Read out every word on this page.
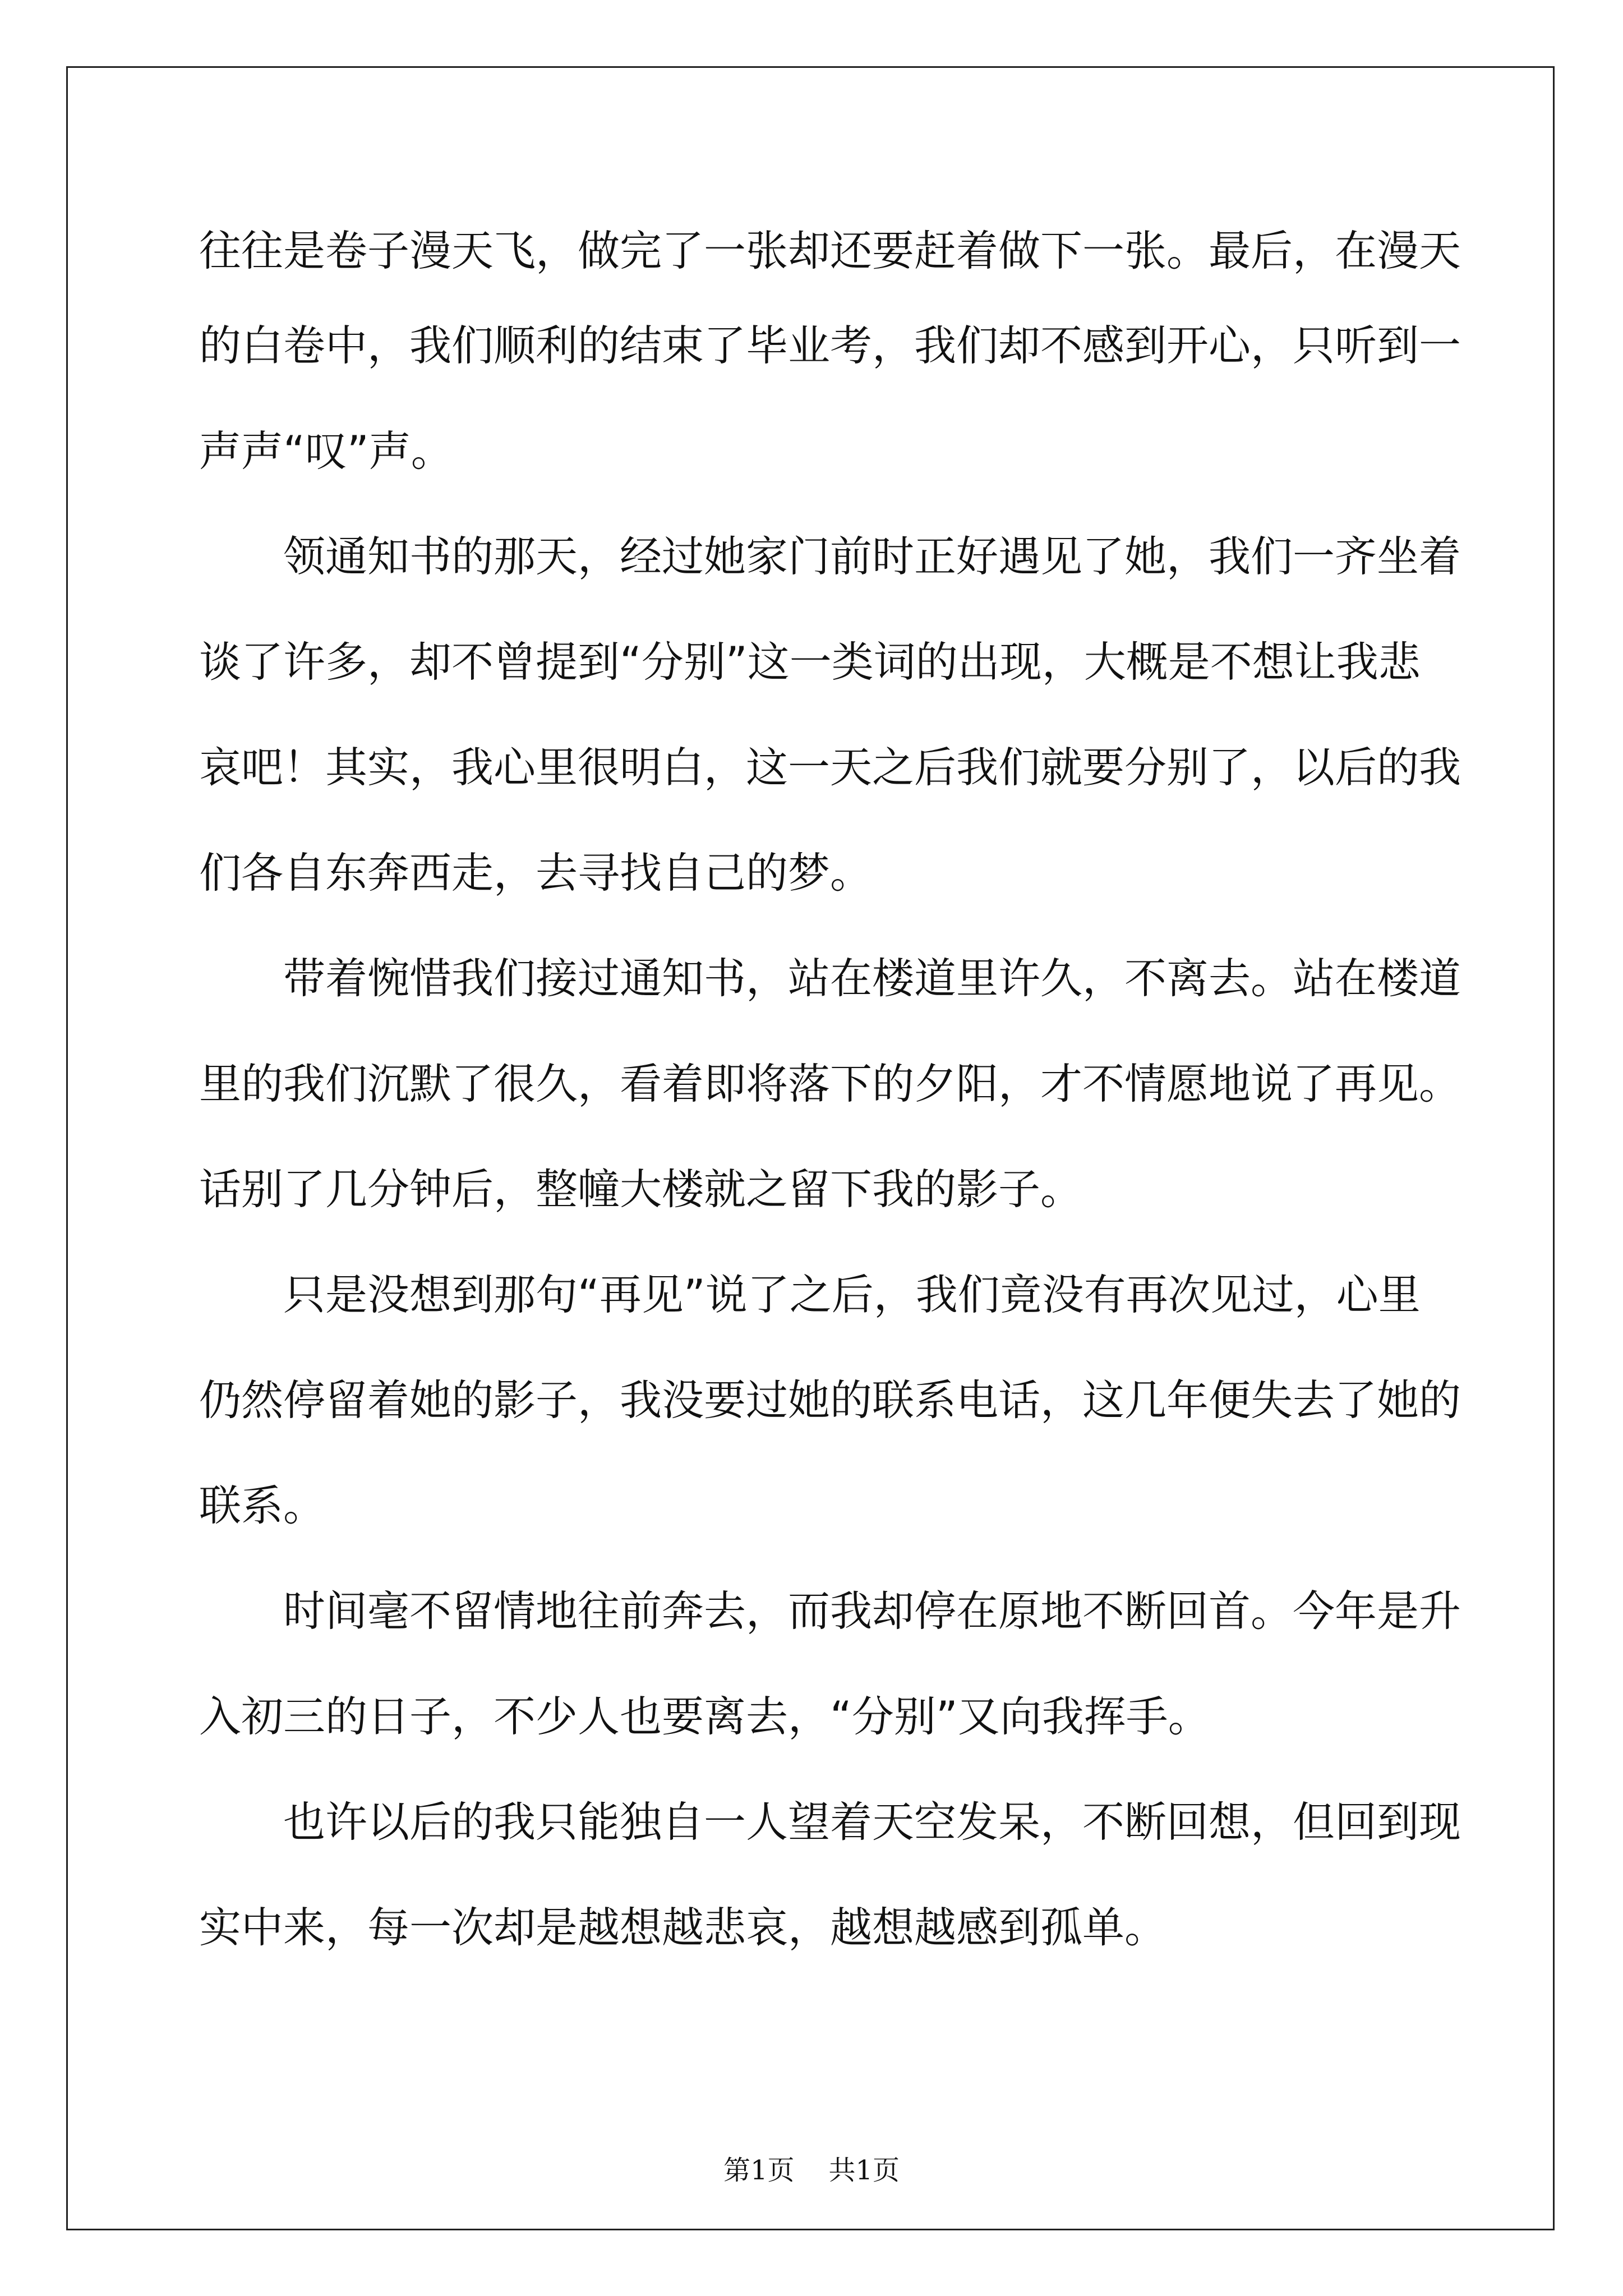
往往是卷子漫天飞，做完了一张却还要赶着做下一张。最后，在漫天
的白卷中，我们顺利的结束了毕业考，我们却不感到开心，只听到一
声声“叹”声。
领通知书的那天，经过她家门前时正好遇见了她，我们一齐坐着
谈了许多，却不曾提到“分别”这一类词的出现，大概是不想让我悲
哀吧！其实，我心里很明白，这一天之后我们就要分别了，以后的我
们各自东奔西走，去寻找自己的梦。
带着惋惜我们接过通知书，站在楼道里许久，不离去。站在楼道
里的我们沉默了很久，看着即将落下的夕阳，才不情愿地说了再见。
话别了几分钟后，整幢大楼就之留下我的影子。
只是没想到那句“再见”说了之后，我们竟没有再次见过，心里
仍然停留着她的影子，我没要过她的联系电话，这几年便失去了她的
联系。
时间毫不留情地往前奔去，而我却停在原地不断回首。今年是升
入初三的日子，不少人也要离去，“分别”又向我挥手。
也许以后的我只能独自一人望着天空发呆，不断回想，但回到现
实中来，每一次却是越想越悲哀，越想越感到孤单。
第1页 共1页
